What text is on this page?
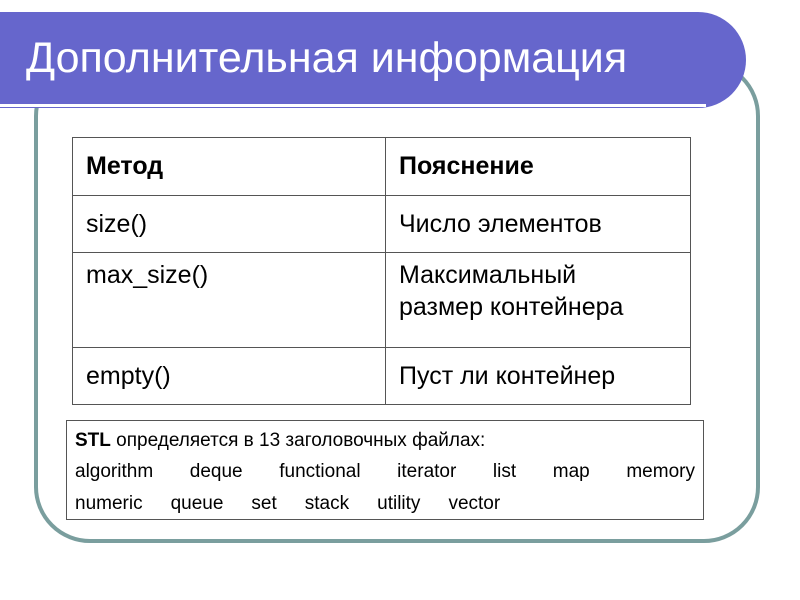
Дополнительная информация
Метод	Пояснение
size()	Число элементов
max_size()	Максимальный
размер контейнера

empty()	Пуст ли контейнер
STL определяется в 13 заголовочных файлах:
algorithm deque functional iterator list map memory
numeric queue set stack utility vector
